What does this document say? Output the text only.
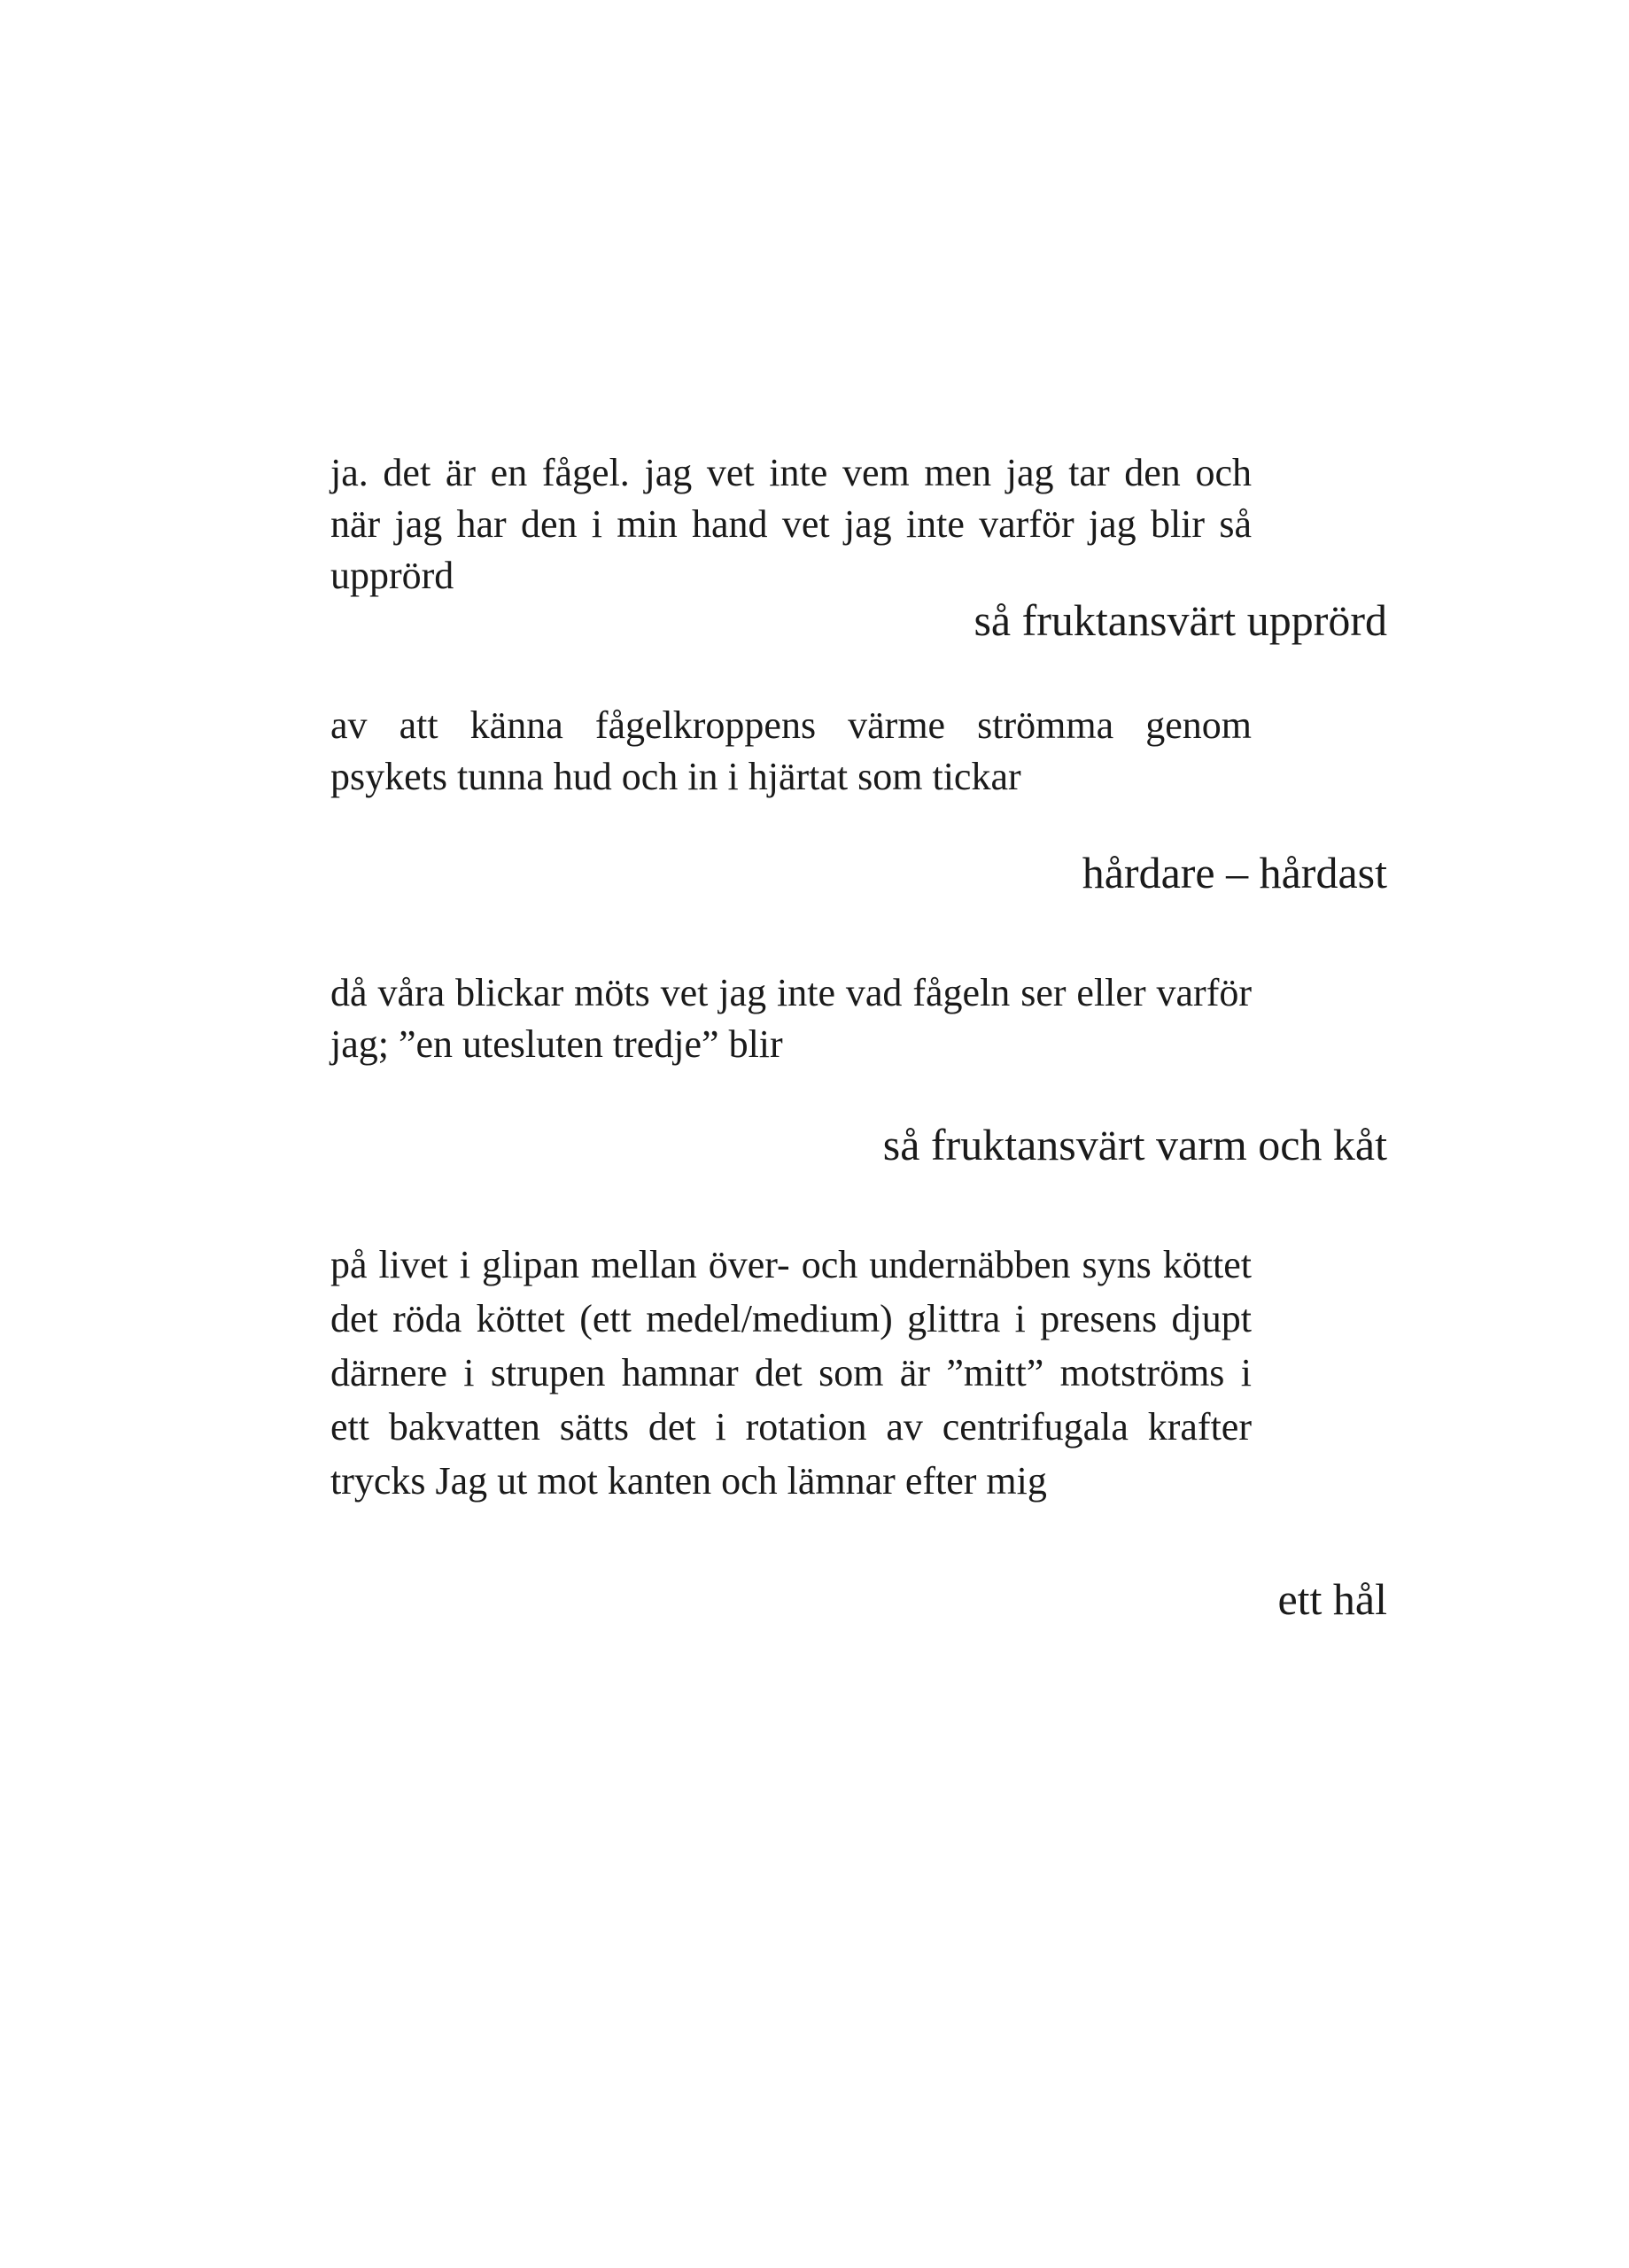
ja. det är en fågel. jag vet inte vem men jag tar den och
när jag har den i min hand vet jag inte varför jag blir så
upprörd
så fruktansvärt upprörd
av att känna fågelkroppens värme strömma genom
psykets tunna hud och in i hjärtat som tickar
hårdare – hårdast
då våra blickar möts vet jag inte vad fågeln ser eller varför
jag; ”en utesluten tredje” blir
så fruktansvärt varm och kåt
på livet i glipan mellan över- och undernäbben syns köttet
det röda köttet (ett medel/medium) glittra i presens djupt
därnere i strupen hamnar det som är ”mitt” motströms i
ett bakvatten sätts det i rotation av centrifugala krafter
trycks Jag ut mot kanten och lämnar efter mig
ett hål
